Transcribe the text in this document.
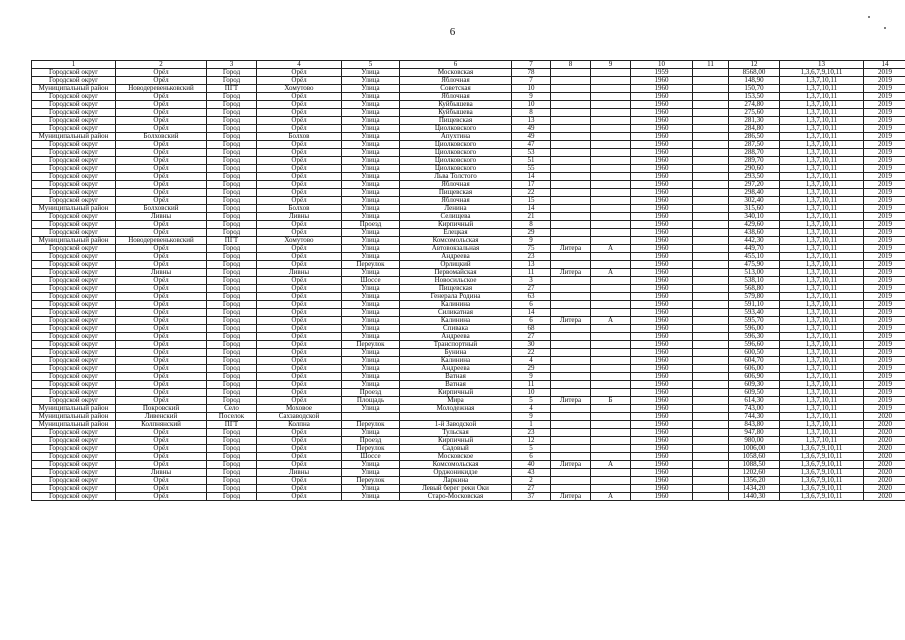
6
1	2	3	4	5	6	7	8	9	10	11	12	13	14
Городской округ	Орёл	Город	Орёл	Улица	Московская	78			1959		8568,00	1,3,6,7,9,10,11	2019
Городской округ	Орёл	Город	Орёл	Улица	Яблочная	7			1960		148,90	1,3,7,10,11	2019
Муниципальный район	Новодеревеньковский	ПГТ	Хомутово	Улица	Советская	10			1960		150,70	1,3,7,10,11	2019
Городской округ	Орёл	Город	Орёл	Улица	Яблочная	9			1960		153,50	1,3,7,10,11	2019
Городской округ	Орёл	Город	Орёл	Улица	Куйбышева	10			1960		274,80	1,3,7,10,11	2019
Городской округ	Орёл	Город	Орёл	Улица	Куйбышева	8			1960		275,60	1,3,7,10,11	2019
Городской округ	Орёл	Город	Орёл	Улица	Пищевская	13			1960		281,30	1,3,7,10,11	2019
Городской округ	Орёл	Город	Орёл	Улица	Циолковского	49			1960		284,80	1,3,7,10,11	2019
Муниципальный район	Болховский	Город	Болхов	Улица	Апухтина	49			1960		286,50	1,3,7,10,11	2019
Городской округ	Орёл	Город	Орёл	Улица	Циолковского	47			1960		287,50	1,3,7,10,11	2019
Городской округ	Орёл	Город	Орёл	Улица	Циолковского	53			1960		288,70	1,3,7,10,11	2019
Городской округ	Орёл	Город	Орёл	Улица	Циолковского	51			1960		289,70	1,3,7,10,11	2019
Городской округ	Орёл	Город	Орёл	Улица	Циолковского	55			1960		290,60	1,3,7,10,11	2019
Городской округ	Орёл	Город	Орёл	Улица	Льва Толстого	14			1960		293,50	1,3,7,10,11	2019
Городской округ	Орёл	Город	Орёл	Улица	Яблочная	17			1960		297,20	1,3,7,10,11	2019
Городской округ	Орёл	Город	Орёл	Улица	Пищевская	22			1960		298,40	1,3,7,10,11	2019
Городской округ	Орёл	Город	Орёл	Улица	Яблочная	15			1960		302,40	1,3,7,10,11	2019
Муниципальный район	Болховский	Город	Болхов	Улица	Ленина	14			1960		315,60	1,3,7,10,11	2019
Городской округ	Ливны	Город	Ливны	Улица	Селищева	21			1960		340,10	1,3,7,10,11	2019
Городской округ	Орёл	Город	Орёл	Проезд	Кирпичный	8			1960		429,60	1,3,7,10,11	2019
Городской округ	Орёл	Город	Орёл	Улица	Елецкая	29			1960		438,60	1,3,7,10,11	2019
Муниципальный район	Новодеревеньковский	ПГТ	Хомутово	Улица	Комсомольская	9			1960		442,30	1,3,7,10,11	2019
Городской округ	Орёл	Город	Орёл	Улица	Автовокзальная	75	Литера	А	1960		449,70	1,3,7,10,11	2019
Городской округ	Орёл	Город	Орёл	Улица	Андреева	23			1960		455,10	1,3,7,10,11	2019
Городской округ	Орёл	Город	Орёл	Переулок	Орлицкий	13			1960		475,90	1,3,7,10,11	2019
Городской округ	Ливны	Город	Ливны	Улица	Первомайская	11	Литера	А	1960		513,00	1,3,7,10,11	2019
Городской округ	Орёл	Город	Орёл	Шоссе	Новосильское	3			1960		538,10	1,3,7,10,11	2019
Городской округ	Орёл	Город	Орёл	Улица	Пищевская	27			1960		568,80	1,3,7,10,11	2019
Городской округ	Орёл	Город	Орёл	Улица	Генерала Родина	63			1960		579,80	1,3,7,10,11	2019
Городской округ	Орёл	Город	Орёл	Улица	Калинина	6			1960		591,10	1,3,7,10,11	2019
Городской округ	Орёл	Город	Орёл	Улица	Силикатная	14			1960		593,40	1,3,7,10,11	2019
Городской округ	Орёл	Город	Орёл	Улица	Калинина	6	Литера	А	1960		595,70	1,3,7,10,11	2019
Городской округ	Орёл	Город	Орёл	Улица	Спивака	68			1960		596,00	1,3,7,10,11	2019
Городской округ	Орёл	Город	Орёл	Улица	Андреева	27			1960		596,30	1,3,7,10,11	2019
Городской округ	Орёл	Город	Орёл	Переулок	Транспортный	30			1960		596,60	1,3,7,10,11	2019
Городской округ	Орёл	Город	Орёл	Улица	Бунина	22			1960		600,50	1,3,7,10,11	2019
Городской округ	Орёл	Город	Орёл	Улица	Калинина	4			1960		604,70	1,3,7,10,11	2019
Городской округ	Орёл	Город	Орёл	Улица	Андреева	29			1960		606,00	1,3,7,10,11	2019
Городской округ	Орёл	Город	Орёл	Улица	Ватная	9			1960		606,90	1,3,7,10,11	2019
Городской округ	Орёл	Город	Орёл	Улица	Ватная	11			1960		609,30	1,3,7,10,11	2019
Городской округ	Орёл	Город	Орёл	Проезд	Кирпичный	10			1960		609,50	1,3,7,10,11	2019
Городской округ	Орёл	Город	Орёл	Площадь	Мира	5	Литера	Б	1960		614,30	1,3,7,10,11	2019
Муниципальный район	Покровский	Село	Моховое	Улица	Молодежная	4			1960		743,00	1,3,7,10,11	2019
Муниципальный район	Ливенский	Поселок	Сахзаводской			9			1960		744,30	1,3,7,10,11	2020
Муниципальный район	Колпнянский	ПГТ	Колпна	Переулок	1-й Заводской	1			1960		843,80	1,3,7,10,11	2020
Городской округ	Орёл	Город	Орёл	Улица	Тульская	23			1960		947,80	1,3,7,10,11	2020
Городской округ	Орёл	Город	Орёл	Проезд	Кирпичный	12			1960		980,00	1,3,7,10,11	2020
Городской округ	Орёл	Город	Орёл	Переулок	Садовый	5			1960		1006,00	1,3,6,7,9,10,11	2020
Городской округ	Орёл	Город	Орёл	Шоссе	Московское	6			1960		1058,60	1,3,6,7,9,10,11	2020
Городской округ	Орёл	Город	Орёл	Улица	Комсомольская	40	Литера	А	1960		1088,50	1,3,6,7,9,10,11	2020
Городской округ	Ливны	Город	Ливны	Улица	Орджоникидзе	43			1960		1202,60	1,3,6,7,9,10,11	2020
Городской округ	Орёл	Город	Орёл	Переулок	Ларкина	2			1960		1356,20	1,3,6,7,9,10,11	2020
Городской округ	Орёл	Город	Орёл	Улица	Левый берег реки Оки	27			1960		1434,20	1,3,6,7,9,10,11	2020
Городской округ	Орёл	Город	Орёл	Улица	Старо-Московская	37	Литера	А	1960		1440,30	1,3,6,7,9,10,11	2020
